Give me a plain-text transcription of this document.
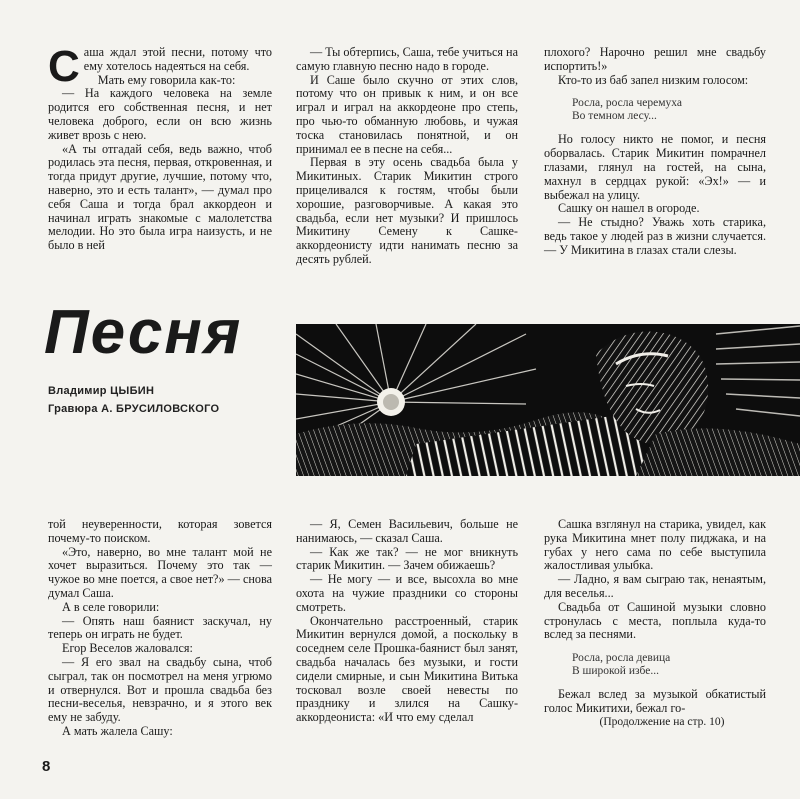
Саша ждал этой песни, потому что ему хотелось надеяться на себя.

Мать ему говорила как-то:

— На каждого человека на земле родится его собственная песня, и нет человека доброго, если он всю жизнь живет врозь с нею.

«А ты отгадай себя, ведь важно, чтоб родилась эта песня, первая, откровенная, и тогда придут другие, лучшие, потому что, наверно, это и есть талант», — думал про себя Саша и тогда брал аккордеон и начинал играть знакомые с малолетства мелодии. Но это была игра наизусть, и не было в ней

— Ты обтерпись, Саша, тебе учиться на самую главную песню надо в городе.

И Саше было скучно от этих слов, потому что он привык к ним, и он все играл и играл на аккордеоне про степь, про чью-то обманную любовь, и чужая тоска становилась понятной, и он принимал ее в песне на себя...

Первая в эту осень свадьба была у Микитиных. Старик Микитин строго прицеливался к гостям, чтобы были хорошие, разговорчивые. А какая это свадьба, если нет музыки? И пришлось Микитину Семену к Сашке-аккордеонисту идти нанимать песню за десять рублей.

плохого? Нарочно решил мне свадьбу испортить!»

Кто-то из баб запел низким голосом:

Росла, росла черемуха
Во темном лесу...

Но голосу никто не помог, и песня оборвалась. Старик Микитин помрачнел глазами, глянул на гостей, на сына, махнул в сердцах рукой: «Эх!» — и выбежал на улицу.

Сашку он нашел в огороде.

— Не стыдно? Уважь хоть старика, ведь такое у людей раз в жизни случается. — У Микитина в глазах стали слезы.

Песня
Владимир ЦЫБИН
Гравюра А. БРУСИЛОВСКОГО

той неуверенности, которая зовется почему-то поиском.

«Это, наверно, во мне талант мой не хочет выразиться. Почему это так — чужое во мне поется, а свое нет?» — снова думал Саша.

А в селе говорили:

— Опять наш баянист заскучал, ну теперь он играть не будет.

Егор Веселов жаловался:

— Я его звал на свадьбу сына, чтоб сыграл, так он посмотрел на меня угрюмо и отвернулся. Вот и прошла свадьба без песни-веселья, невзрачно, и я этого век ему не забуду.

А мать жалела Сашу:

— Я, Семен Васильевич, больше не нанимаюсь, — сказал Саша.

— Как же так? — не мог вникнуть старик Микитин. — Зачем обижаешь?

— Не могу — и все, высохла во мне охота на чужие праздники со стороны смотреть.

Окончательно расстроенный, старик Микитин вернулся домой, а поскольку в соседнем селе Прошка-баянист был занят, свадьба началась без музыки, и гости сидели смирные, и сын Микитина Витька тосковал возле своей невесты по празднику и злился на Сашку-аккордеониста: «И что ему сделал

Сашка взглянул на старика, увидел, как рука Микитина мнет полу пиджака, и на губах у него сама по себе выступила жалостливая улыбка.

— Ладно, я вам сыграю так, ненаятым, для веселья...

Свадьба от Сашиной музыки словно стронулась с места, поплыла куда-то вслед за песнями.

Росла, росла девица
В широкой избе...

Бежал вслед за музыкой обкатистый голос Микитихи, бежал го-

(Продолжение на стр. 10)

8
